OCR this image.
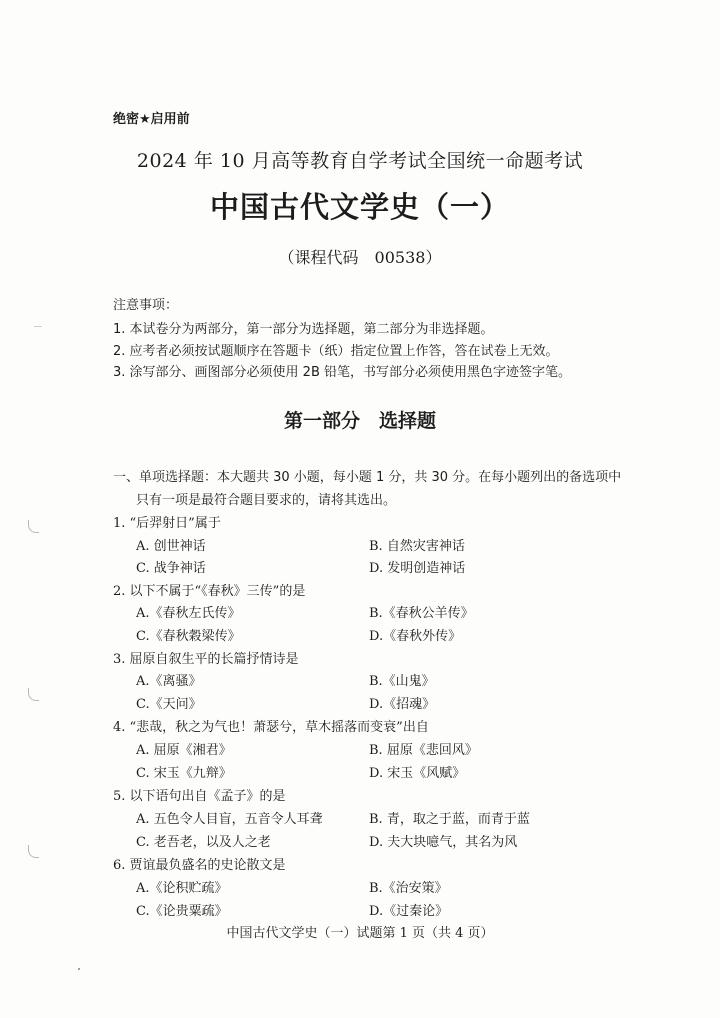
绝密★启用前
2024 年 10 月高等教育自学考试全国统一命题考试
中国古代文学史（一）
（课程代码　00538）
注意事项：
1. 本试卷分为两部分，第一部分为选择题，第二部分为非选择题。
2. 应考者必须按试题顺序在答题卡（纸）指定位置上作答，答在试卷上无效。
3. 涂写部分、画图部分必须使用 2B 铅笔，书写部分必须使用黑色字迹签字笔。
第一部分　选择题
一、单项选择题：本大题共 30 小题，每小题 1 分，共 30 分。在每小题列出的备选项中
只有一项是最符合题目要求的，请将其选出。
1. “后羿射日”属于
A. 创世神话	B. 自然灾害神话
C. 战争神话	D. 发明创造神话
2. 以下不属于“《春秋》三传”的是
A.《春秋左氏传》	B.《春秋公羊传》
C.《春秋穀梁传》	D.《春秋外传》
3. 屈原自叙生平的长篇抒情诗是
A.《离骚》	B.《山鬼》
C.《天问》	D.《招魂》
4. “悲哉，秋之为气也！萧瑟兮，草木摇落而变衰”出自
A. 屈原《湘君》	B. 屈原《悲回风》
C. 宋玉《九辩》	D. 宋玉《风赋》
5. 以下语句出自《孟子》的是
A. 五色令人目盲，五音令人耳聋	B. 青，取之于蓝，而青于蓝
C. 老吾老，以及人之老	D. 夫大块噫气，其名为风
6. 贾谊最负盛名的史论散文是
A.《论积贮疏》	B.《治安策》
C.《论贵粟疏》	D.《过秦论》
中国古代文学史（一）试题第 1 页（共 4 页）
